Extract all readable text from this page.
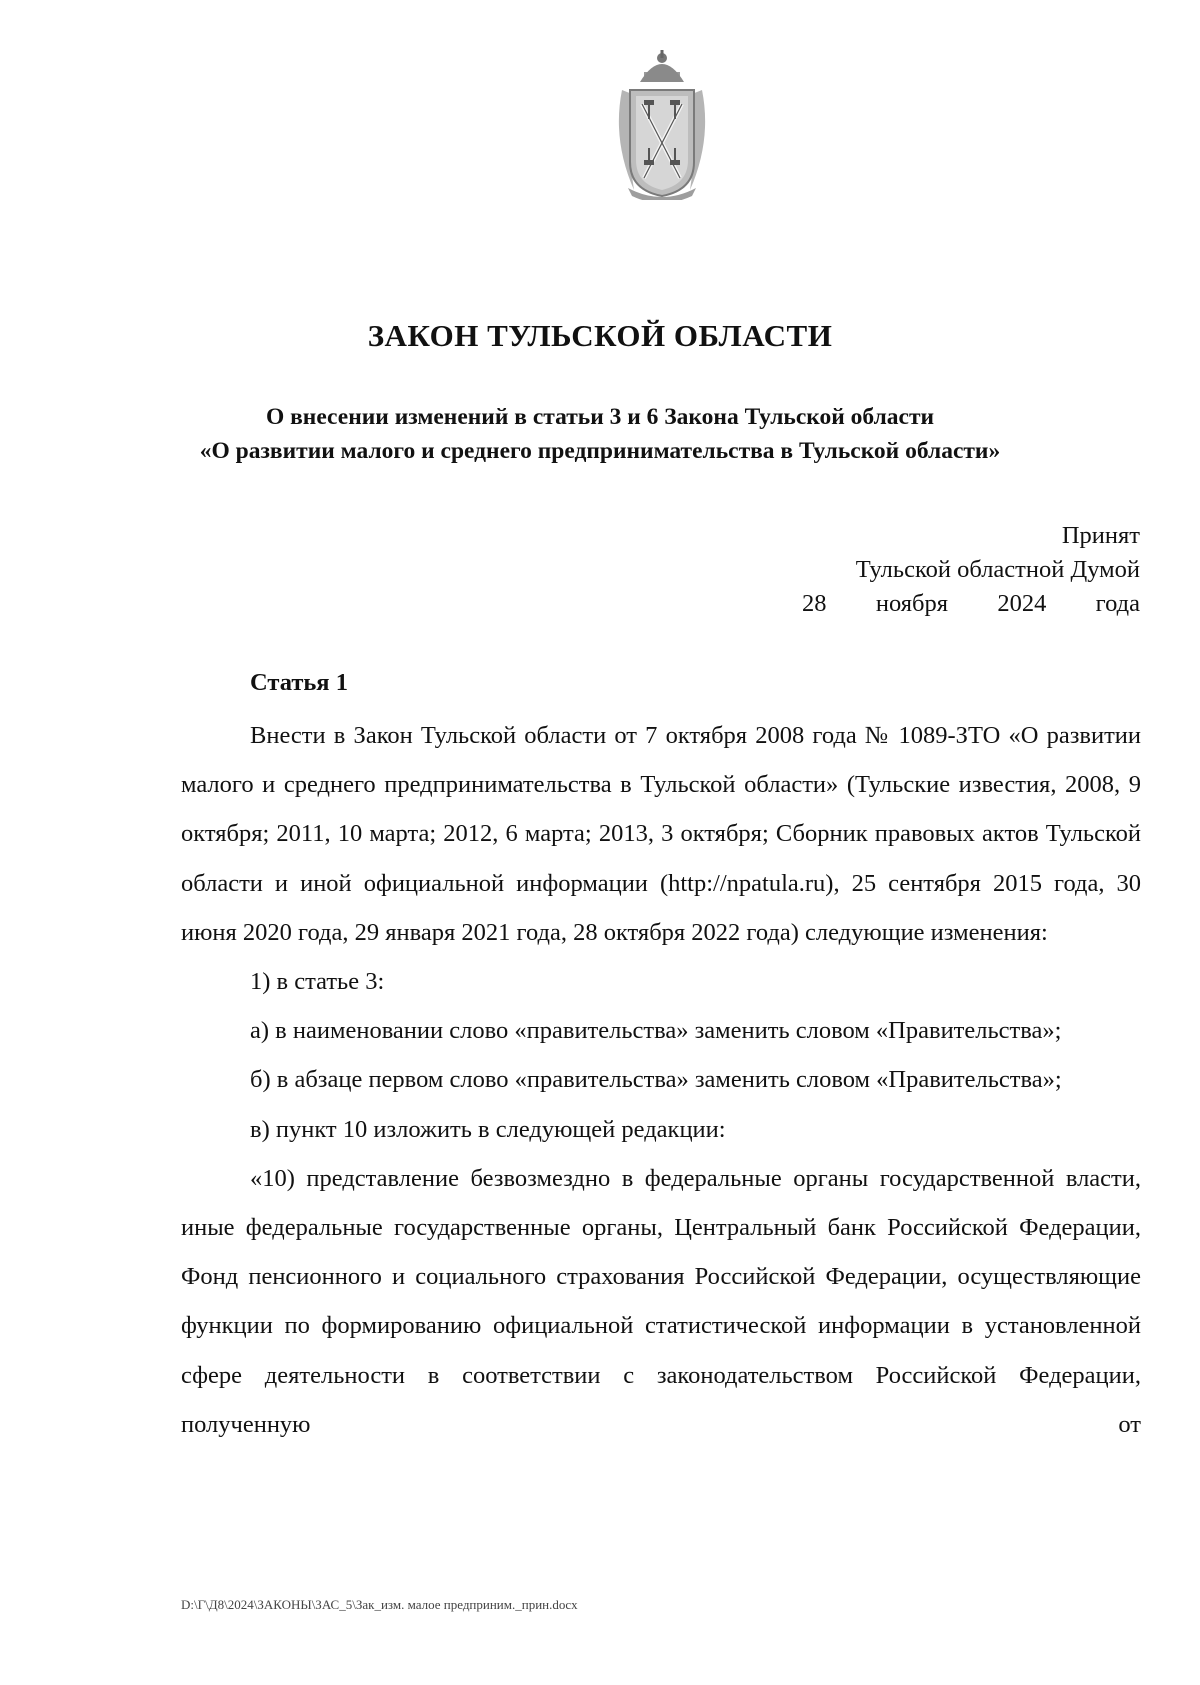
ЗАКОН ТУЛЬСКОЙ ОБЛАСТИ
О внесении изменений в статьи 3 и 6 Закона Тульской области
«О развитии малого и среднего предпринимательства в Тульской области»
Принят
Тульской областной Думой
28 ноября 2024 года
Статья 1

Внести в Закон Тульской области от 7 октября 2008 года № 1089-ЗТО «О развитии малого и среднего предпринимательства в Тульской области» (Тульские известия, 2008, 9 октября; 2011, 10 марта; 2012, 6 марта; 2013, 3 октября; Сборник правовых актов Тульской области и иной официальной информации (http://npatula.ru), 25 сентября 2015 года, 30 июня 2020 года, 29 января 2021 года, 28 октября 2022 года) следующие изменения:

1) в статье 3:

а) в наименовании слово «правительства» заменить словом «Правительства»;

б) в абзаце первом слово «правительства» заменить словом «Правительства»;

в) пункт 10 изложить в следующей редакции:

«10) представление безвозмездно в федеральные органы государственной власти, иные федеральные государственные органы, Центральный банк Российской Федерации, Фонд пенсионного и социального страхования Российской Федерации, осуществляющие функции по формированию официальной статистической информации в установленной сфере деятельности в соответствии с законодательством Российской Федерации, полученную от

D:\Г\Д8\2024\ЗАКОНЫ\ЗАС_5\Зак_изм. малое предприним._прин.docx
